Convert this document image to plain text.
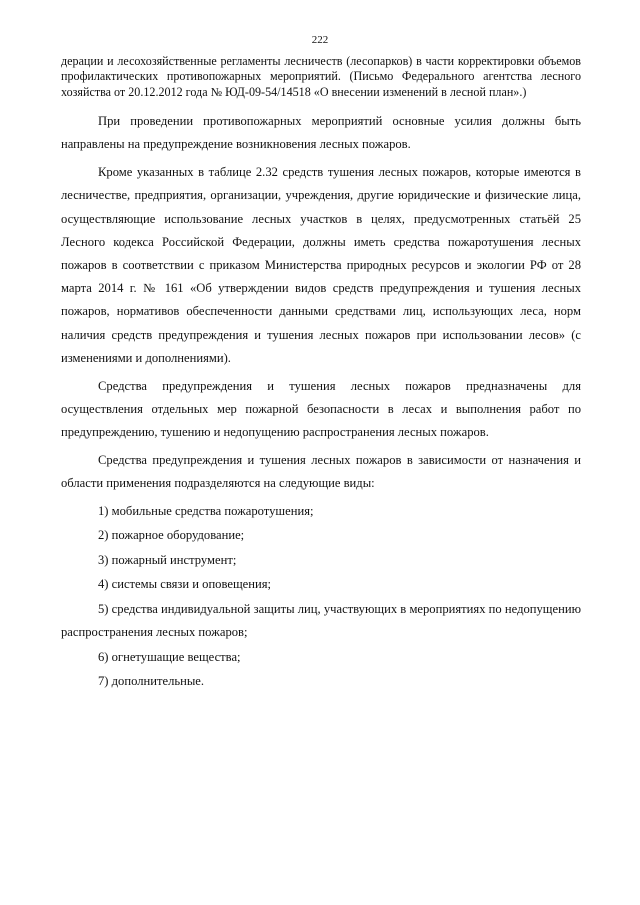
222

дерации и лесохозяйственные регламенты лесничеств (лесопарков) в части корректировки объемов профилактических противопожарных мероприятий. (Письмо Федерального агентства лесного хозяйства от 20.12.2012 года № ЮД-09-54/14518 «О внесении изменений в лесной план».)

При проведении противопожарных мероприятий основные усилия должны быть направлены на предупреждение возникновения лесных пожаров.

Кроме указанных в таблице 2.32 средств тушения лесных пожаров, которые имеются в лесничестве, предприятия, организации, учреждения, другие юридические и физические лица, осуществляющие использование лесных участков в целях, предусмотренных статьёй 25 Лесного кодекса Российской Федерации, должны иметь средства пожаротушения лесных пожаров в соответствии с приказом Министерства природных ресурсов и экологии РФ от 28 марта 2014 г. № 161 «Об утверждении видов средств предупреждения и тушения лесных пожаров, нормативов обеспеченности данными средствами лиц, использующих леса, норм наличия средств предупреждения и тушения лесных пожаров при использовании лесов» (с изменениями и дополнениями).

Средства предупреждения и тушения лесных пожаров предназначены для осуществления отдельных мер пожарной безопасности в лесах и выполнения работ по предупреждению, тушению и недопущению распространения лесных пожаров.

Средства предупреждения и тушения лесных пожаров в зависимости от назначения и области применения подразделяются на следующие виды:

1) мобильные средства пожаротушения;

2) пожарное оборудование;

3) пожарный инструмент;

4) системы связи и оповещения;

5) средства индивидуальной защиты лиц, участвующих в мероприятиях по недопущению распространения лесных пожаров;

6) огнетушащие вещества;

7) дополнительные.
